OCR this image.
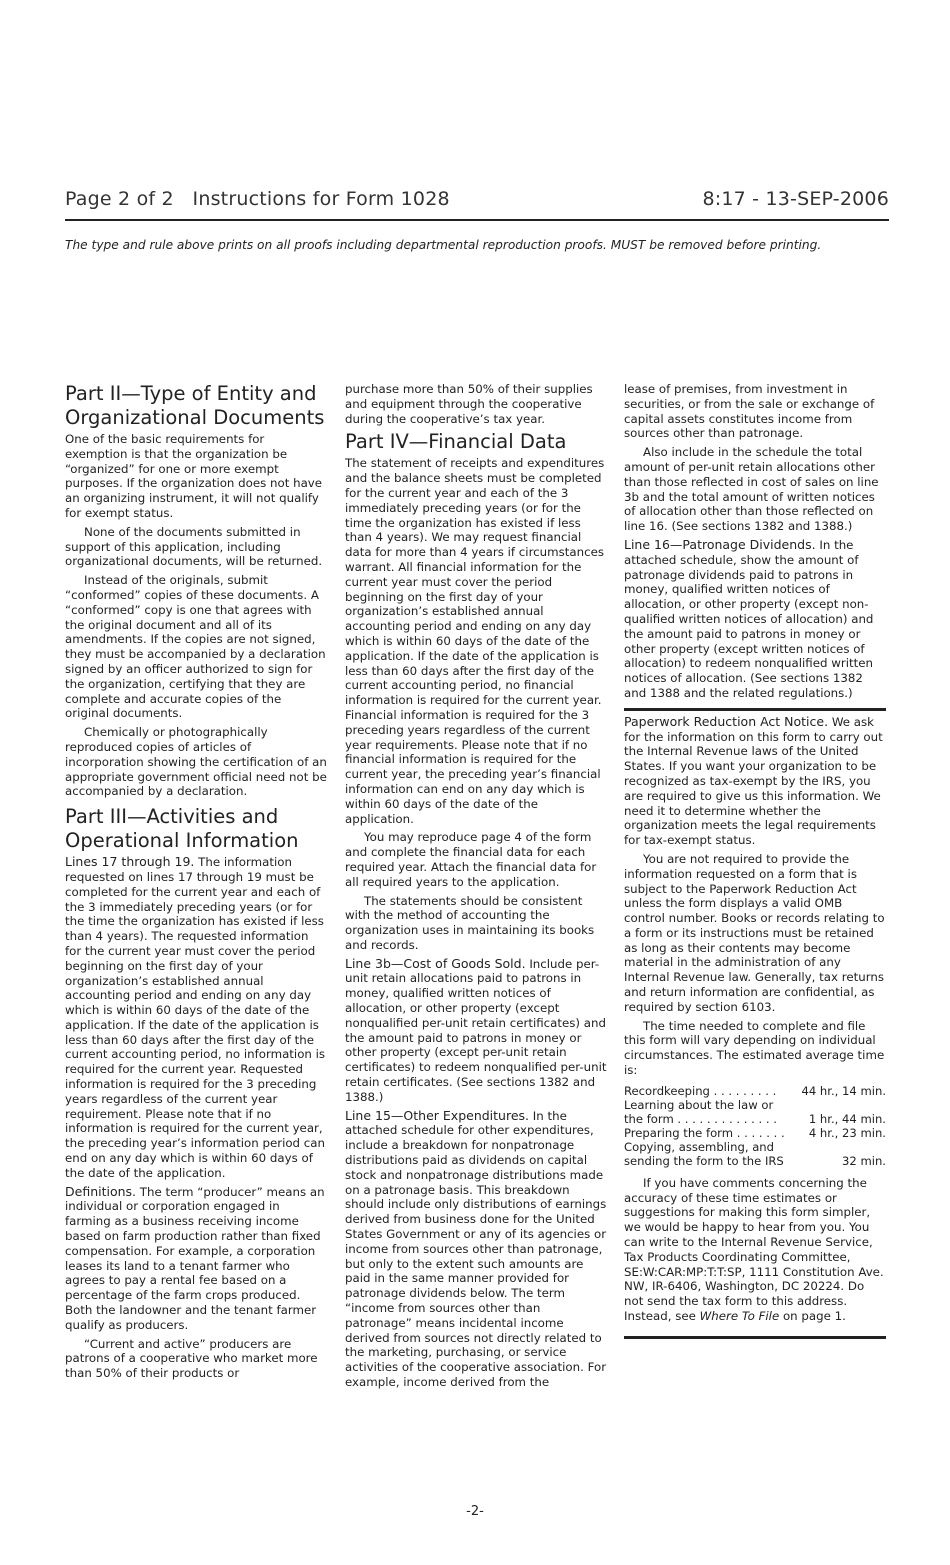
Page 2 of 2 Instructions for Form 1028	8:17 - 13-SEP-2006
The type and rule above prints on all proofs including departmental reproduction proofs. MUST be removed before printing.
Part II—Type of Entity and Organizational Documents

One of the basic requirements for exemption is that the organization be “organized” for one or more exempt purposes. If the organization does not have an organizing instrument, it will not qualify for exempt status.

None of the documents submitted in support of this application, including organizational documents, will be returned.

Instead of the originals, submit “conformed” copies of these documents. A “conformed” copy is one that agrees with the original document and all of its amendments. If the copies are not signed, they must be accompanied by a declaration signed by an officer authorized to sign for the organization, certifying that they are complete and accurate copies of the original documents.

Chemically or photographically reproduced copies of articles of incorporation showing the certification of an appropriate government official need not be accompanied by a declaration.

Part III—Activities and Operational Information

Lines 17 through 19. The information requested on lines 17 through 19 must be completed for the current year and each of the 3 immediately preceding years (or for the time the organization has existed if less than 4 years). The requested information for the current year must cover the period beginning on the first day of your organization’s established annual accounting period and ending on any day which is within 60 days of the date of the application. If the date of the application is less than 60 days after the first day of the current accounting period, no information is required for the current year. Requested information is required for the 3 preceding years regardless of the current year requirement. Please note that if no information is required for the current year, the preceding year’s information period can end on any day which is within 60 days of the date of the application.

Definitions. The term “producer” means an individual or corporation engaged in farming as a business receiving income based on farm production rather than fixed compensation. For example, a corporation leases its land to a tenant farmer who agrees to pay a rental fee based on a percentage of the farm crops produced. Both the landowner and the tenant farmer qualify as producers.

“Current and active” producers are patrons of a cooperative who market more than 50% of their products or

purchase more than 50% of their supplies and equipment through the cooperative during the cooperative’s tax year.

Part IV—Financial Data

The statement of receipts and expenditures and the balance sheets must be completed for the current year and each of the 3 immediately preceding years (or for the time the organization has existed if less than 4 years). We may request financial data for more than 4 years if circumstances warrant. All financial information for the current year must cover the period beginning on the first day of your organization’s established annual accounting period and ending on any day which is within 60 days of the date of the application. If the date of the application is less than 60 days after the first day of the current accounting period, no financial information is required for the current year. Financial information is required for the 3 preceding years regardless of the current year requirements. Please note that if no financial information is required for the current year, the preceding year’s financial information can end on any day which is within 60 days of the date of the application.

You may reproduce page 4 of the form and complete the financial data for each required year. Attach the financial data for all required years to the application.

The statements should be consistent with the method of accounting the organization uses in maintaining its books and records.

Line 3b—Cost of Goods Sold. Include per-unit retain allocations paid to patrons in money, qualified written notices of allocation, or other property (except nonqualified per-unit retain certificates) and the amount paid to patrons in money or other property (except per-unit retain certificates) to redeem nonqualified per-unit retain certificates. (See sections 1382 and 1388.)

Line 15—Other Expenditures. In the attached schedule for other expenditures, include a breakdown for nonpatronage distributions paid as dividends on capital stock and nonpatronage distributions made on a patronage basis. This breakdown should include only distributions of earnings derived from business done for the United States Government or any of its agencies or income from sources other than patronage, but only to the extent such amounts are paid in the same manner provided for patronage dividends below. The term “income from sources other than patronage” means incidental income derived from sources not directly related to the marketing, purchasing, or service activities of the cooperative association. For example, income derived from the

lease of premises, from investment in securities, or from the sale or exchange of capital assets constitutes income from sources other than patronage.

Also include in the schedule the total amount of per-unit retain allocations other than those reflected in cost of sales on line 3b and the total amount of written notices of allocation other than those reflected on line 16. (See sections 1382 and 1388.)

Line 16—Patronage Dividends. In the attached schedule, show the amount of patronage dividends paid to patrons in money, qualified written notices of allocation, or other property (except non-qualified written notices of allocation) and the amount paid to patrons in money or other property (except written notices of allocation) to redeem nonqualified written notices of allocation. (See sections 1382 and 1388 and the related regulations.)

Paperwork Reduction Act Notice. We ask for the information on this form to carry out the Internal Revenue laws of the United States. If you want your organization to be recognized as tax-exempt by the IRS, you are required to give us this information. We need it to determine whether the organization meets the legal requirements for tax-exempt status.

You are not required to provide the information requested on a form that is subject to the Paperwork Reduction Act unless the form displays a valid OMB control number. Books or records relating to a form or its instructions must be retained as long as their contents may become material in the administration of any Internal Revenue law. Generally, tax returns and return information are confidential, as required by section 6103.

The time needed to complete and file this form will vary depending on individual circumstances. The estimated average time is:

Recordkeeping . . . . . . . . .	44 hr., 14 min.
Learning about the law or	
the form . . . . . . . . . . . . . .	1 hr., 44 min.
Preparing the form . . . . . . .	4 hr., 23 min.
Copying, assembling, and	
sending the form to the IRS	32 min.

If you have comments concerning the accuracy of these time estimates or suggestions for making this form simpler, we would be happy to hear from you. You can write to the Internal Revenue Service, Tax Products Coordinating Committee, SE:W:CAR:MP:T:T:SP, 1111 Constitution Ave. NW, IR-6406, Washington, DC 20224. Do not send the tax form to this address. Instead, see Where To File on page 1.

-2-
